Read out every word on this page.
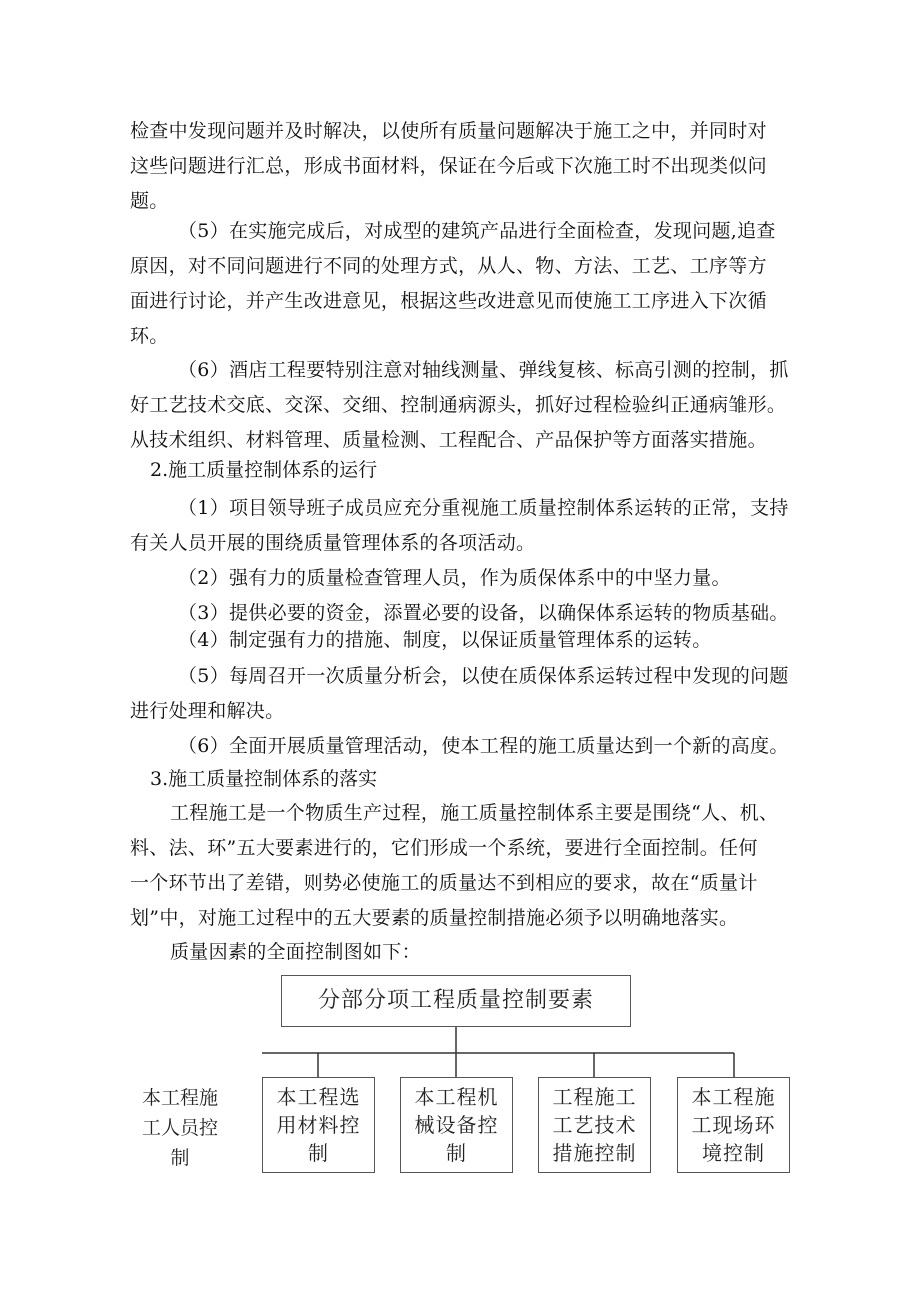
检查中发现问题并及时解决，以使所有质量问题解决于施工之中，并同时对
这些问题进行汇总，形成书面材料，保证在今后或下次施工时不出现类似问
题。
（5）在实施完成后，对成型的建筑产品进行全面检查，发现问题,追查
原因，对不同问题进行不同的处理方式，从人、物、方法、工艺、工序等方
面进行讨论，并产生改进意见，根据这些改进意见而使施工工序进入下次循
环。
（6）酒店工程要特别注意对轴线测量、弹线复核、标高引测的控制，抓
好工艺技术交底、交深、交细、控制通病源头，抓好过程检验纠正通病雏形。
从技术组织、材料管理、质量检测、工程配合、产品保护等方面落实措施。
2.施工质量控制体系的运行
（1）项目领导班子成员应充分重视施工质量控制体系运转的正常，支持
有关人员开展的围绕质量管理体系的各项活动。
（2）强有力的质量检查管理人员，作为质保体系中的中坚力量。
（3）提供必要的资金，添置必要的设备，以确保体系运转的物质基础。
（4）制定强有力的措施、制度，以保证质量管理体系的运转。
（5）每周召开一次质量分析会，以使在质保体系运转过程中发现的问题
进行处理和解决。
（6）全面开展质量管理活动，使本工程的施工质量达到一个新的高度。
3.施工质量控制体系的落实
工程施工是一个物质生产过程，施工质量控制体系主要是围绕“人、机、
料、法、环”五大要素进行的，它们形成一个系统，要进行全面控制。任何
一个环节出了差错，则势必使施工的质量达不到相应的要求，故在“质量计
划”中，对施工过程中的五大要素的质量控制措施必须予以明确地落实。
质量因素的全面控制图如下：
分部分项工程质量控制要素
本工程施
工人员控
制
本工程选
用材料控
制
本工程机
械设备控
制
工程施工
工艺技术
措施控制
本工程施
工现场环
境控制
